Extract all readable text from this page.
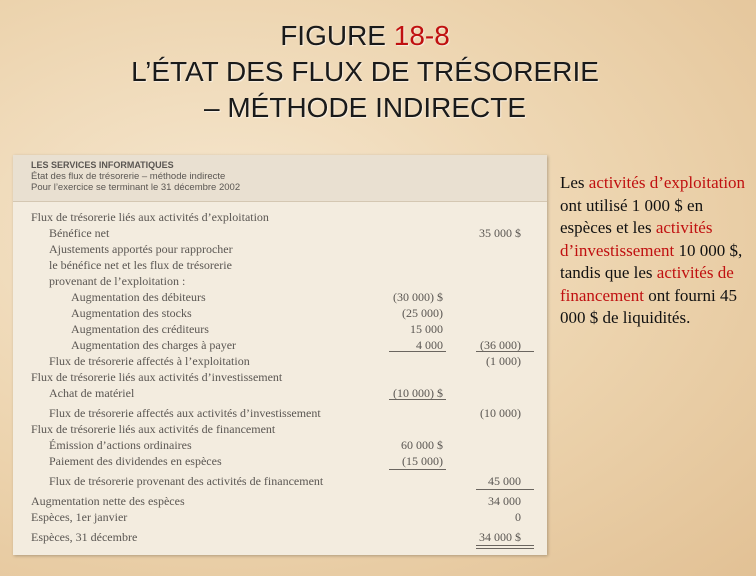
FIGURE 18-8
L’ÉTAT DES FLUX DE TRÉSORERIE
– MÉTHODE INDIRECTE
LES SERVICES INFORMATIQUES
État des flux de trésorerie – méthode indirecte
Pour l’exercice se terminant le 31 décembre 2002
Flux de trésorerie liés aux activités d’exploitation
Bénéfice net	35 000 $
Ajustements apportés pour rapprocher
le bénéfice net et les flux de trésorerie
provenant de l’exploitation :
Augmentation des débiteurs	(30 000) $
Augmentation des stocks	(25 000)
Augmentation des créditeurs	15 000
Augmentation des charges à payer	4 000	(36 000)
Flux de trésorerie affectés à l’exploitation	(1 000)
Flux de trésorerie liés aux activités d’investissement
Achat de matériel	(10 000) $
Flux de trésorerie affectés aux activités d’investissement	(10 000)
Flux de trésorerie liés aux activités de financement
Émission d’actions ordinaires	60 000 $
Paiement des dividendes en espèces	(15 000)
Flux de trésorerie provenant des activités de financement	45 000
Augmentation nette des espèces	34 000
Espèces, 1er janvier	0
Espèces, 31 décembre	34 000 $
Les activités d’exploitation ont utilisé 1 000 $ en espèces et les activités d’investissement 10 000 $, tandis que les activités de financement ont fourni 45 000 $ de liquidités.
